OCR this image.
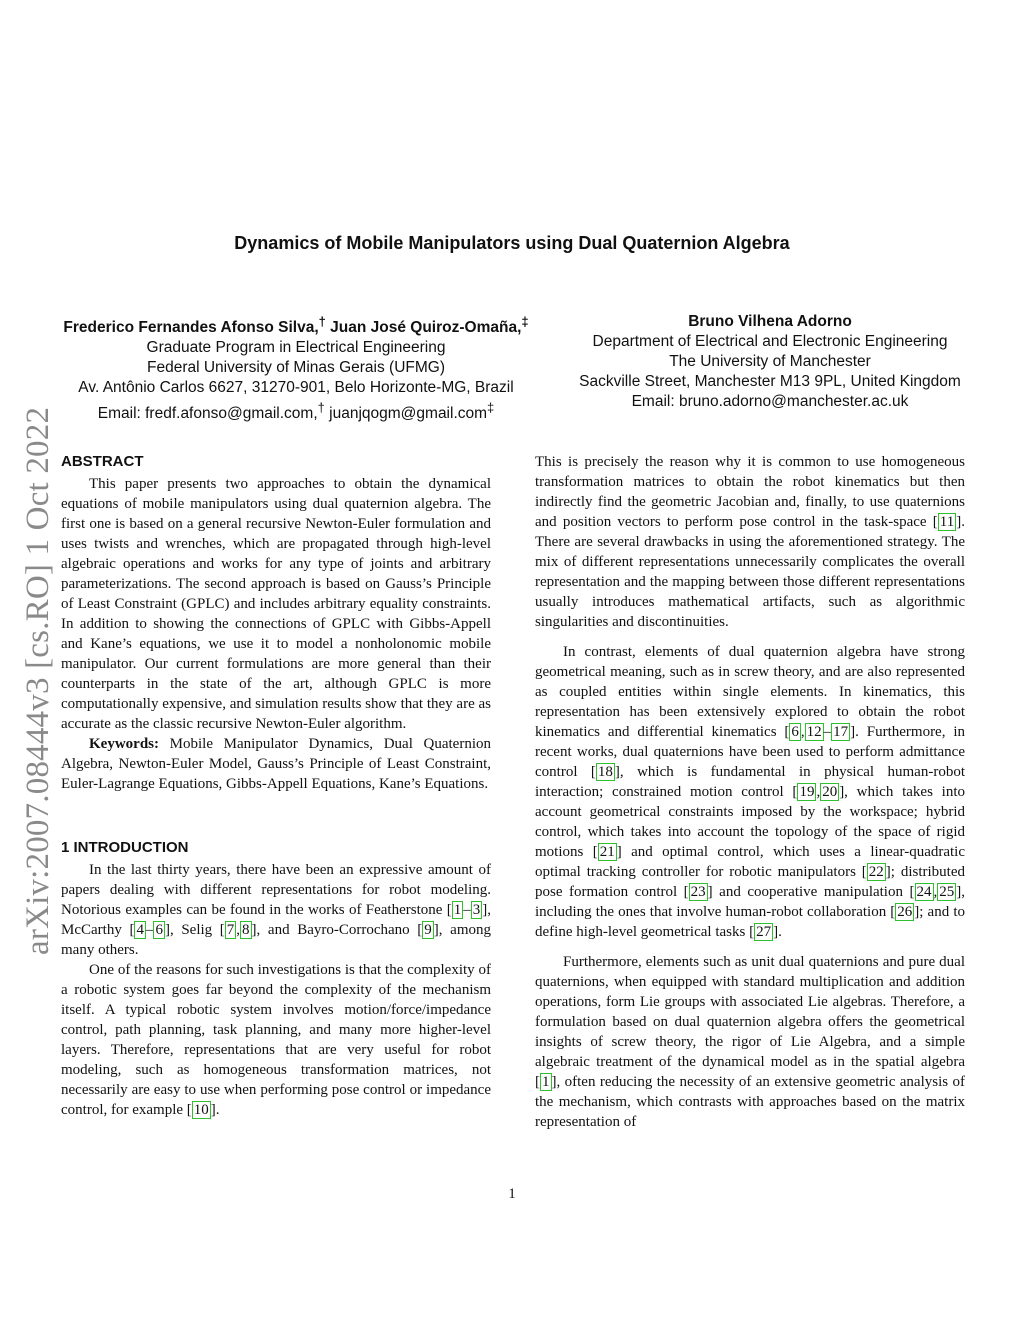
arXiv:2007.08444v3 [cs.RO] 1 Oct 2022
Dynamics of Mobile Manipulators using Dual Quaternion Algebra
Frederico Fernandes Afonso Silva,† Juan José Quiroz-Omaña,‡
Graduate Program in Electrical Engineering
Federal University of Minas Gerais (UFMG)
Av. Antônio Carlos 6627, 31270-901, Belo Horizonte-MG, Brazil
Email: fredf.afonso@gmail.com,† juanjqogm@gmail.com‡
Bruno Vilhena Adorno
Department of Electrical and Electronic Engineering
The University of Manchester
Sackville Street, Manchester M13 9PL, United Kingdom
Email: bruno.adorno@manchester.ac.uk
ABSTRACT

This paper presents two approaches to obtain the dynamical equations of mobile manipulators using dual quaternion algebra. The first one is based on a general recursive Newton-Euler formulation and uses twists and wrenches, which are propagated through high-level algebraic operations and works for any type of joints and arbitrary parameterizations. The second approach is based on Gauss’s Principle of Least Constraint (GPLC) and includes arbitrary equality constraints. In addition to showing the connections of GPLC with Gibbs-Appell and Kane’s equations, we use it to model a nonholonomic mobile manipulator. Our current formulations are more general than their counterparts in the state of the art, although GPLC is more computationally expensive, and simulation results show that they are as accurate as the classic recursive Newton-Euler algorithm.

Keywords: Mobile Manipulator Dynamics, Dual Quaternion Algebra, Newton-Euler Model, Gauss’s Principle of Least Constraint, Euler-Lagrange Equations, Gibbs-Appell Equations, Kane’s Equations.

1 INTRODUCTION

In the last thirty years, there have been an expressive amount of papers dealing with different representations for robot modeling. Notorious examples can be found in the works of Featherstone [ 1 – 3 ], McCarthy [ 4 – 6 ], Selig [ 7 , 8 ], and Bayro-Corrochano [ 9 ], among many others.

One of the reasons for such investigations is that the complexity of a robotic system goes far beyond the complexity of the mechanism itself. A typical robotic system involves motion/force/impedance control, path planning, task planning, and many more higher-level layers. Therefore, representations that are very useful for robot modeling, such as homogeneous transformation matrices, not necessarily are easy to use when performing pose control or impedance control, for example [ 10 ].

This is precisely the reason why it is common to use homogeneous transformation matrices to obtain the robot kinematics but then indirectly find the geometric Jacobian and, finally, to use quaternions and position vectors to perform pose control in the task-space [ 11 ]. There are several drawbacks in using the aforementioned strategy. The mix of different representations unnecessarily complicates the overall representation and the mapping between those different representations usually introduces mathematical artifacts, such as algorithmic singularities and discontinuities.

In contrast, elements of dual quaternion algebra have strong geometrical meaning, such as in screw theory, and are also represented as coupled entities within single elements. In kinematics, this representation has been extensively explored to obtain the robot kinematics and differential kinematics [ 6 , 12 – 17 ]. Furthermore, in recent works, dual quaternions have been used to perform admittance control [ 18 ], which is fundamental in physical human-robot interaction; constrained motion control [ 19 , 20 ], which takes into account geometrical constraints imposed by the workspace; hybrid control, which takes into account the topology of the space of rigid motions [ 21 ] and optimal control, which uses a linear-quadratic optimal tracking controller for robotic manipulators [ 22 ]; distributed pose formation control [ 23 ] and cooperative manipulation [ 24 , 25 ], including the ones that involve human-robot collaboration [ 26 ]; and to define high-level geometrical tasks [ 27 ].

Furthermore, elements such as unit dual quaternions and pure dual quaternions, when equipped with standard multiplication and addition operations, form Lie groups with associated Lie algebras. Therefore, a formulation based on dual quaternion algebra offers the geometrical insights of screw theory, the rigor of Lie Algebra, and a simple algebraic treatment of the dynamical model as in the spatial algebra [ 1 ], often reducing the necessity of an extensive geometric analysis of the mechanism, which contrasts with approaches based on the matrix representation of

1
